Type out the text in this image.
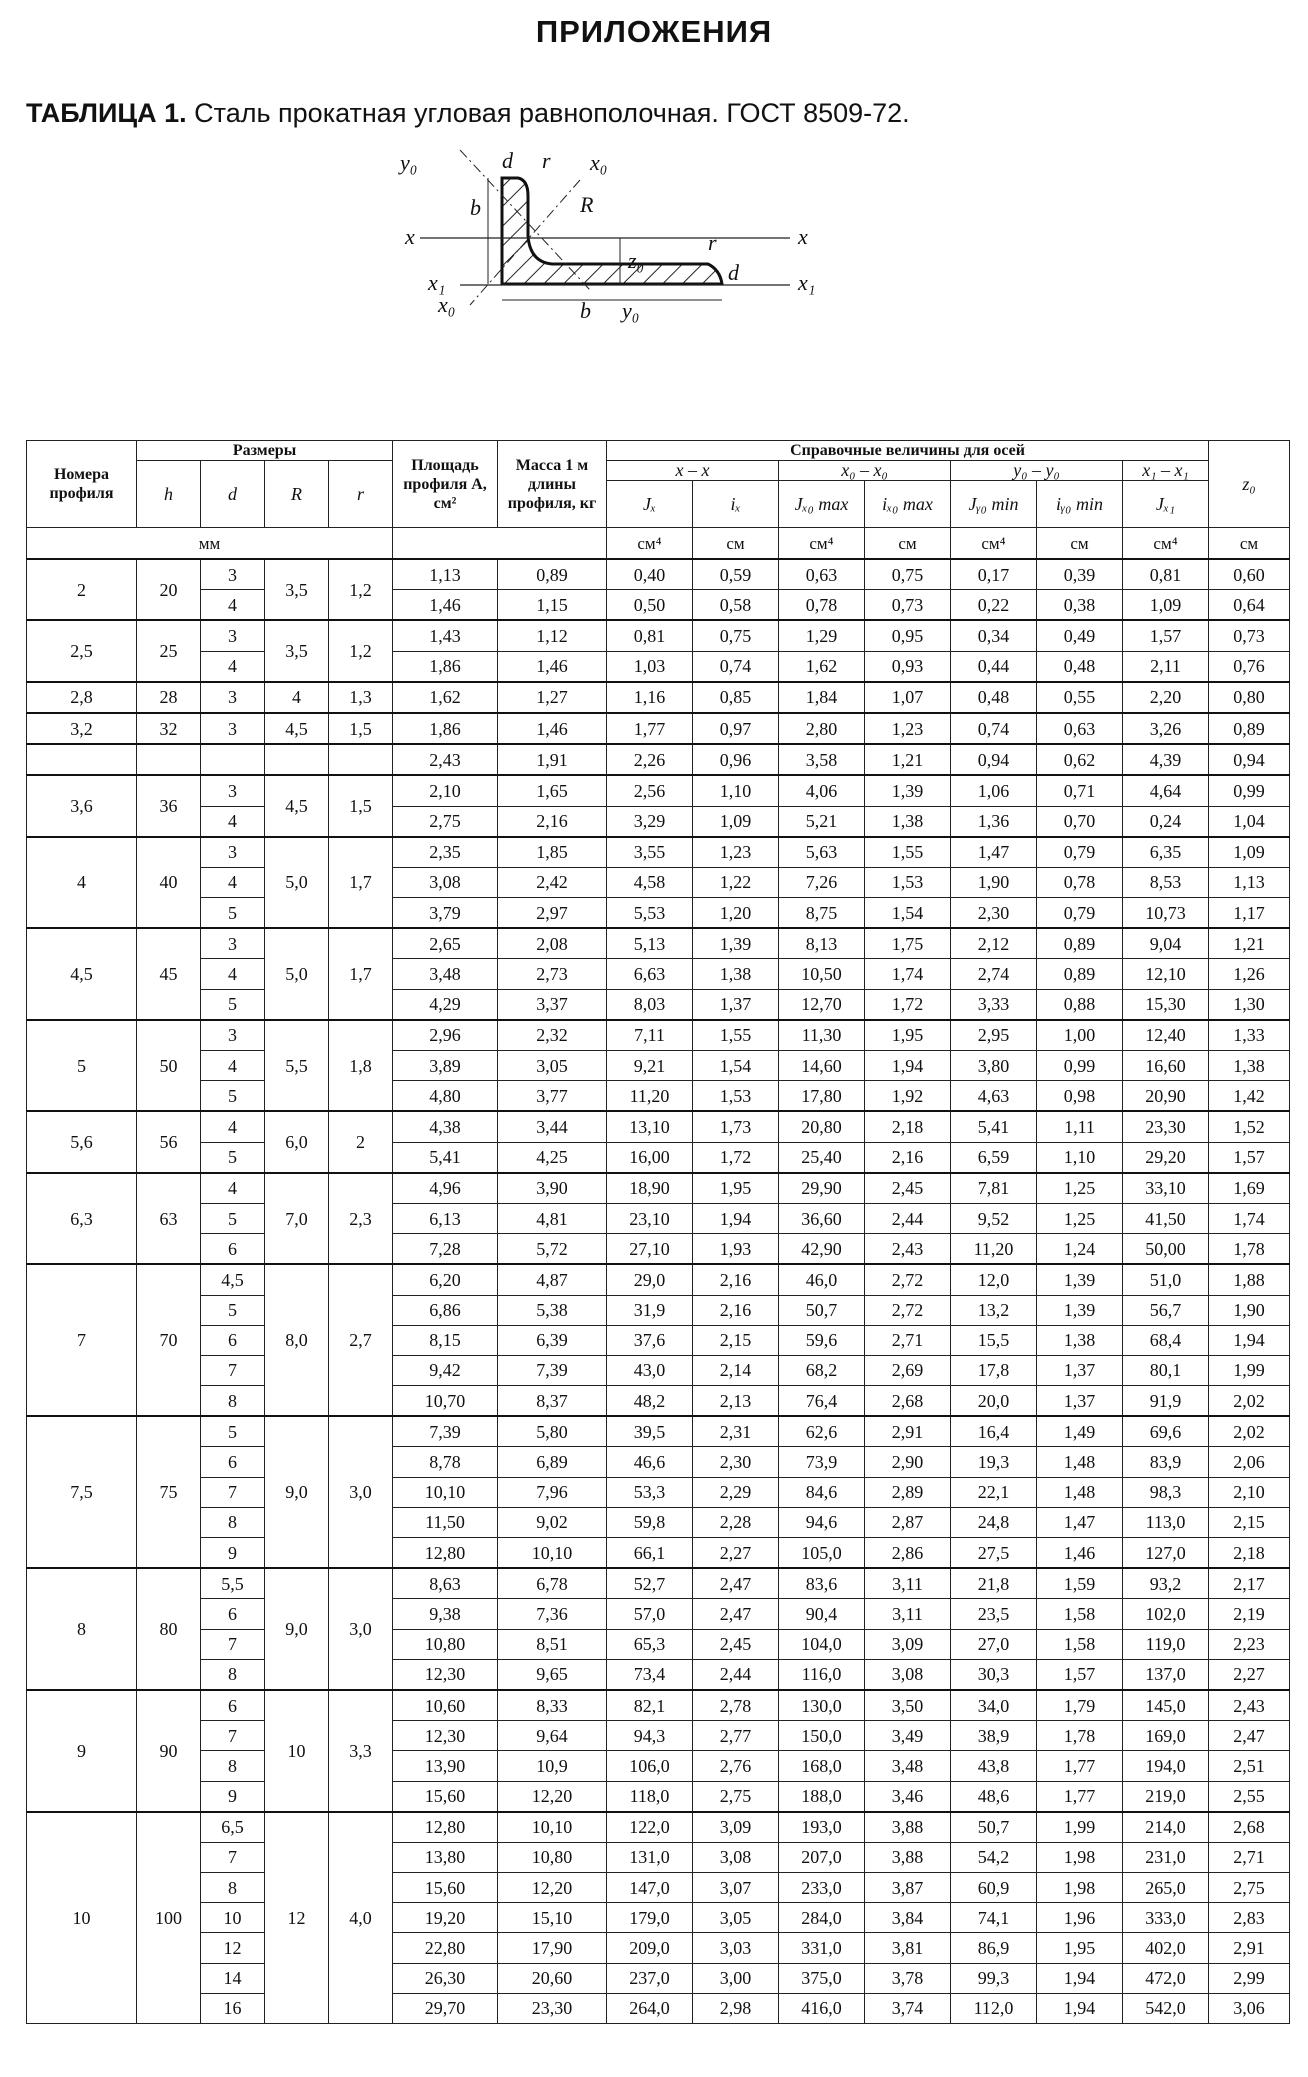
ПРИЛОЖЕНИЯ
ТАБЛИЦА 1. Сталь прокатная угловая равнополочная. ГОСТ 8509-72.
y₀	d r x₀
R
b
x	x
r
z₀	d
x₁	x₁
x₀	b y₀
Номера профиля	Размеры				Площадь профиля A, см²	Масса 1 м длины профиля, кг	Справочные величины для осей							z₀
	h	d	R	r			x – x		x₀ – x₀		y₀ – y₀		x₁ – x₁	
							Jₓ	iₓ	Jₓ₀ max	iₓ₀ max	Jᵧ₀ min	iᵧ₀ min	Jₓ₁	
мм							см⁴	см	см⁴	см	см⁴	см	см⁴	см
2	20	3	3,5	1,2	1,13	0,89	0,40	0,59	0,63	0,75	0,17	0,39	0,81	0,60
		4			1,46	1,15	0,50	0,58	0,78	0,73	0,22	0,38	1,09	0,64
2,5	25	3	3,5	1,2	1,43	1,12	0,81	0,75	1,29	0,95	0,34	0,49	1,57	0,73
		4			1,86	1,46	1,03	0,74	1,62	0,93	0,44	0,48	2,11	0,76
2,8	28	3	4	1,3	1,62	1,27	1,16	0,85	1,84	1,07	0,48	0,55	2,20	0,80
3,2	32	3	4,5	1,5	1,86	1,46	1,77	0,97	2,80	1,23	0,74	0,63	3,26	0,89
					2,43	1,91	2,26	0,96	3,58	1,21	0,94	0,62	4,39	0,94
3,6	36	3	4,5	1,5	2,10	1,65	2,56	1,10	4,06	1,39	1,06	0,71	4,64	0,99
		4			2,75	2,16	3,29	1,09	5,21	1,38	1,36	0,70	0,24	1,04
4	40	3	5,0	1,7	2,35	1,85	3,55	1,23	5,63	1,55	1,47	0,79	6,35	1,09
		4			3,08	2,42	4,58	1,22	7,26	1,53	1,90	0,78	8,53	1,13
		5			3,79	2,97	5,53	1,20	8,75	1,54	2,30	0,79	10,73	1,17
4,5	45	3	5,0	1,7	2,65	2,08	5,13	1,39	8,13	1,75	2,12	0,89	9,04	1,21
		4			3,48	2,73	6,63	1,38	10,50	1,74	2,74	0,89	12,10	1,26
		5			4,29	3,37	8,03	1,37	12,70	1,72	3,33	0,88	15,30	1,30
5	50	3	5,5	1,8	2,96	2,32	7,11	1,55	11,30	1,95	2,95	1,00	12,40	1,33
		4			3,89	3,05	9,21	1,54	14,60	1,94	3,80	0,99	16,60	1,38
		5			4,80	3,77	11,20	1,53	17,80	1,92	4,63	0,98	20,90	1,42
5,6	56	4	6,0	2	4,38	3,44	13,10	1,73	20,80	2,18	5,41	1,11	23,30	1,52
		5			5,41	4,25	16,00	1,72	25,40	2,16	6,59	1,10	29,20	1,57
6,3	63	4	7,0	2,3	4,96	3,90	18,90	1,95	29,90	2,45	7,81	1,25	33,10	1,69
		5			6,13	4,81	23,10	1,94	36,60	2,44	9,52	1,25	41,50	1,74
		6			7,28	5,72	27,10	1,93	42,90	2,43	11,20	1,24	50,00	1,78
7	70	4,5	8,0	2,7	6,20	4,87	29,0	2,16	46,0	2,72	12,0	1,39	51,0	1,88
		5			6,86	5,38	31,9	2,16	50,7	2,72	13,2	1,39	56,7	1,90
		6			8,15	6,39	37,6	2,15	59,6	2,71	15,5	1,38	68,4	1,94
		7			9,42	7,39	43,0	2,14	68,2	2,69	17,8	1,37	80,1	1,99
		8			10,70	8,37	48,2	2,13	76,4	2,68	20,0	1,37	91,9	2,02
7,5	75	5	9,0	3,0	7,39	5,80	39,5	2,31	62,6	2,91	16,4	1,49	69,6	2,02
		6			8,78	6,89	46,6	2,30	73,9	2,90	19,3	1,48	83,9	2,06
		7			10,10	7,96	53,3	2,29	84,6	2,89	22,1	1,48	98,3	2,10
		8			11,50	9,02	59,8	2,28	94,6	2,87	24,8	1,47	113,0	2,15
		9			12,80	10,10	66,1	2,27	105,0	2,86	27,5	1,46	127,0	2,18
8	80	5,5	9,0	3,0	8,63	6,78	52,7	2,47	83,6	3,11	21,8	1,59	93,2	2,17
		6			9,38	7,36	57,0	2,47	90,4	3,11	23,5	1,58	102,0	2,19
		7			10,80	8,51	65,3	2,45	104,0	3,09	27,0	1,58	119,0	2,23
		8			12,30	9,65	73,4	2,44	116,0	3,08	30,3	1,57	137,0	2,27
9	90	6	10	3,3	10,60	8,33	82,1	2,78	130,0	3,50	34,0	1,79	145,0	2,43
		7			12,30	9,64	94,3	2,77	150,0	3,49	38,9	1,78	169,0	2,47
		8			13,90	10,9	106,0	2,76	168,0	3,48	43,8	1,77	194,0	2,51
		9			15,60	12,20	118,0	2,75	188,0	3,46	48,6	1,77	219,0	2,55
10	100	6,5	12	4,0	12,80	10,10	122,0	3,09	193,0	3,88	50,7	1,99	214,0	2,68
		7			13,80	10,80	131,0	3,08	207,0	3,88	54,2	1,98	231,0	2,71
		8			15,60	12,20	147,0	3,07	233,0	3,87	60,9	1,98	265,0	2,75
		10			19,20	15,10	179,0	3,05	284,0	3,84	74,1	1,96	333,0	2,83
		12			22,80	17,90	209,0	3,03	331,0	3,81	86,9	1,95	402,0	2,91
		14			26,30	20,60	237,0	3,00	375,0	3,78	99,3	1,94	472,0	2,99
		16			29,70	23,30	264,0	2,98	416,0	3,74	112,0	1,94	542,0	3,06
